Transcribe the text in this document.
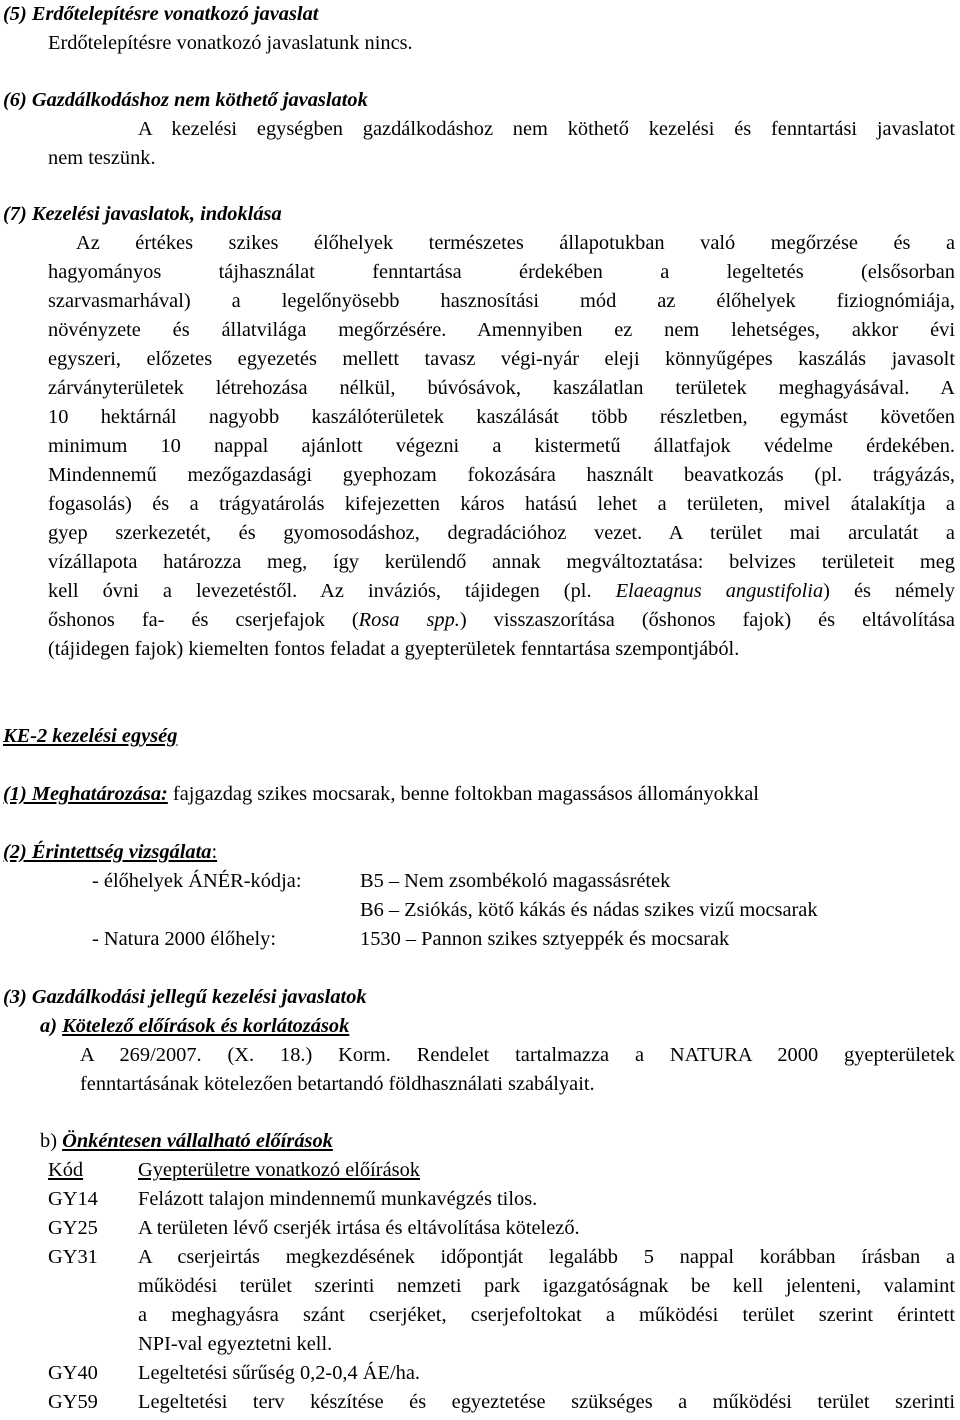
(5) Erdőtelepítésre vonatkozó javaslat
Erdőtelepítésre vonatkozó javaslatunk nincs.
(6) Gazdálkodáshoz nem köthető javaslatok
A kezelési egységben gazdálkodáshoz nem köthető kezelési és fenntartási javaslatot
nem teszünk.
(7) Kezelési javaslatok, indoklása
Az értékes szikes élőhelyek természetes állapotukban való megőrzése és a
hagyományos tájhasználat fenntartása érdekében a legeltetés (elsősorban
szarvasmarhával) a legelőnyösebb hasznosítási mód az élőhelyek fiziognómiája,
növényzete és állatvilága megőrzésére. Amennyiben ez nem lehetséges, akkor évi
egyszeri, előzetes egyezetés mellett tavasz végi-nyár eleji könnyűgépes kaszálás javasolt
zárványterületek létrehozása nélkül, búvósávok, kaszálatlan területek meghagyásával. A
10 hektárnál nagyobb kaszálóterületek kaszálását több részletben, egymást követően
minimum 10 nappal ajánlott végezni a kistermetű állatfajok védelme érdekében.
Mindennemű mezőgazdasági gyephozam fokozására használt beavatkozás (pl. trágyázás,
fogasolás) és a trágyatárolás kifejezetten káros hatású lehet a területen, mivel átalakítja a
gyep szerkezetét, és gyomosodáshoz, degradációhoz vezet. A terület mai arculatát a
vízállapota határozza meg, így kerülendő annak megváltoztatása: belvizes területeit meg
kell óvni a levezetéstől. Az inváziós, tájidegen (pl. Elaeagnus angustifolia) és némely
őshonos fa- és cserjefajok (Rosa spp.) visszaszorítása (őshonos fajok) és eltávolítása
(tájidegen fajok) kiemelten fontos feladat a gyepterületek fenntartása szempontjából.
KE-2 kezelési egység
(1) Meghatározása: fajgazdag szikes mocsarak, benne foltokban magassásos állományokkal
(2) Érintettség vizsgálata:
- élőhelyek ÁNÉR-kódja:	B5 – Nem zsombékoló magassásrétek
B6 – Zsiókás, kötő kákás és nádas szikes vizű mocsarak
- Natura 2000 élőhely:	1530 – Pannon szikes sztyeppék és mocsarak
(3) Gazdálkodási jellegű kezelési javaslatok
a) Kötelező előírások és korlátozások
A 269/2007. (X. 18.) Korm. Rendelet tartalmazza a NATURA 2000 gyepterületek
fenntartásának kötelezően betartandó földhasználati szabályait.
b) Önkéntesen vállalható előírások
Kód	Gyepterületre vonatkozó előírások
GY14 Felázott talajon mindennemű munkavégzés tilos.
GY25 A területen lévő cserjék irtása és eltávolítása kötelező.
GY31 A cserjeirtás megkezdésének időpontját legalább 5 nappal korábban írásban a
működési terület szerinti nemzeti park igazgatóságnak be kell jelenteni, valamint
a meghagyásra szánt cserjéket, cserjefoltokat a működési terület szerint érintett
NPI-val egyeztetni kell.
GY40 Legeltetési sűrűség 0,2-0,4 ÁE/ha.
GY59 Legeltetési terv készítése és egyeztetése szükséges a működési terület szerinti
